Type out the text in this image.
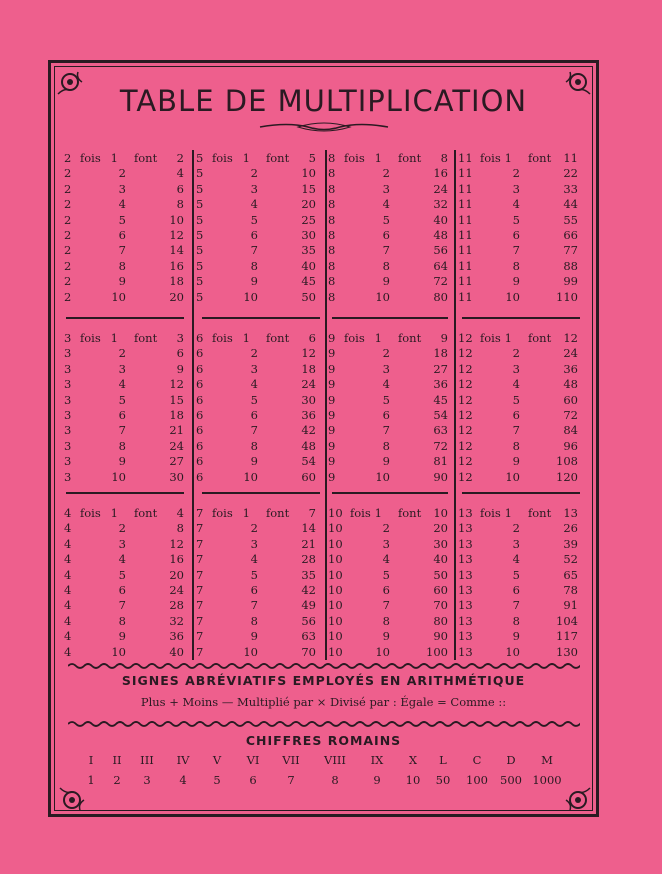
TABLE DE MULTIPLICATION
2 fois 1 font	2
2	2	4
2	3	6
2	4	8
2	5	10
2	6	12
2	7	14
2	8	16
2	9	18
2	10	20
5 fois 1 font	5
5	2	10
5	3	15
5	4	20
5	5	25
5	6	30
5	7	35
5	8	40
5	9	45
5	10	50
8 fois 1 font	8
8	2	16
8	3	24
8	4	32
8	5	40
8	6	48
8	7	56
8	8	64
8	9	72
8	10	80
11 fois 1 font	11
11	2	22
11	3	33
11	4	44
11	5	55
11	6	66
11	7	77
11	8	88
11	9	99
11	10	110
3 fois 1 font	3
3	2	6
3	3	9
3	4	12
3	5	15
3	6	18
3	7	21
3	8	24
3	9	27
3	10	30
6 fois 1 font	6
6	2	12
6	3	18
6	4	24
6	5	30
6	6	36
6	7	42
6	8	48
6	9	54
6	10	60
9 fois 1 font	9
9	2	18
9	3	27
9	4	36
9	5	45
9	6	54
9	7	63
9	8	72
9	9	81
9	10	90
12 fois 1 font	12
12	2	24
12	3	36
12	4	48
12	5	60
12	6	72
12	7	84
12	8	96
12	9	108
12	10	120
4 fois 1 font	4
4	2	8
4	3	12
4	4	16
4	5	20
4	6	24
4	7	28
4	8	32
4	9	36
4	10	40
7 fois 1 font	7
7	2	14
7	3	21
7	4	28
7	5	35
7	6	42
7	7	49
7	8	56
7	9	63
7	10	70
10 fois 1 font	10
10	2	20
10	3	30
10	4	40
10	5	50
10	6	60
10	7	70
10	8	80
10	9	90
10	10	100
13 fois 1 font	13
13	2	26
13	3	39
13	4	52
13	5	65
13	6	78
13	7	91
13	8	104
13	9	117
13	10	130
SIGNES ABRÉVIATIFS EMPLOYÉS EN ARITHMÉTIQUE
Plus + Moins — Multiplié par × Divisé par : Égale = Comme ::
CHIFFRES ROMAINS
I	II	III	IV	V	VI	VII	VIII	IX	X	L	C	D	M
1	2	3	4	5	6	7	8	9	10	50	100	500 1000
